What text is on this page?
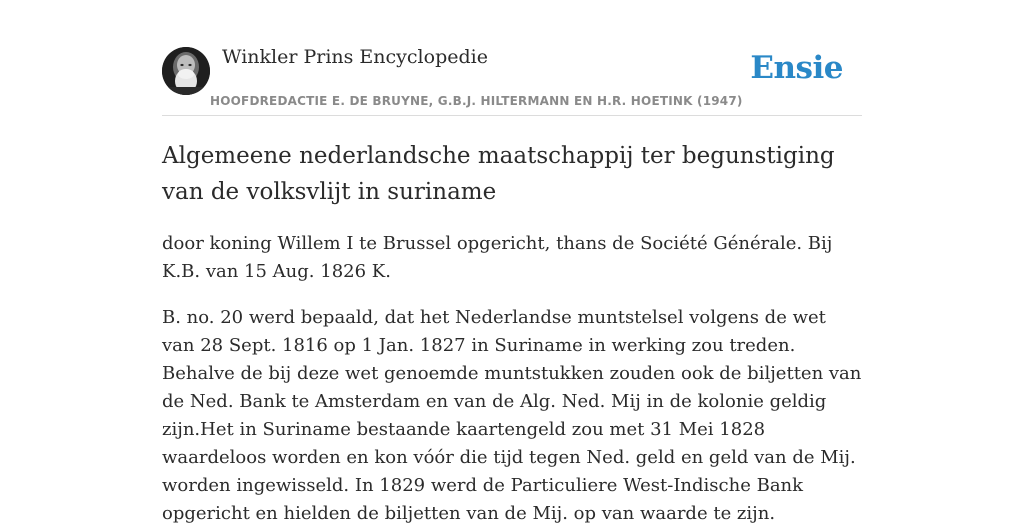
Winkler Prins Encyclopedie
HOOFDREDACTIE E. DE BRUYNE, G.B.J. HILTERMANN EN H.R. HOETINK (1947)
Ensie
Algemeene nederlandsche maatschappij ter begunstiging van de volksvlijt in suriname

door koning Willem I te Brussel opgericht, thans de Société Générale. Bij K.B. van 15 Aug. 1826 K.

B. no. 20 werd bepaald, dat het Nederlandse muntstelsel volgens de wet van 28 Sept. 1816 op 1 Jan. 1827 in Suriname in werking zou treden. Behalve de bij deze wet genoemde muntstukken zouden ook de biljetten van de Ned. Bank te Amsterdam en van de Alg. Ned. Mij in de kolonie geldig zijn.Het in Suriname bestaande kaartengeld zou met 31 Mei 1828 waardeloos worden en kon vóór die tijd tegen Ned. geld en geld van de Mij. worden ingewisseld. In 1829 werd de Particuliere West-Indische Bank opgericht en hielden de biljetten van de Mij. op van waarde te zijn.
